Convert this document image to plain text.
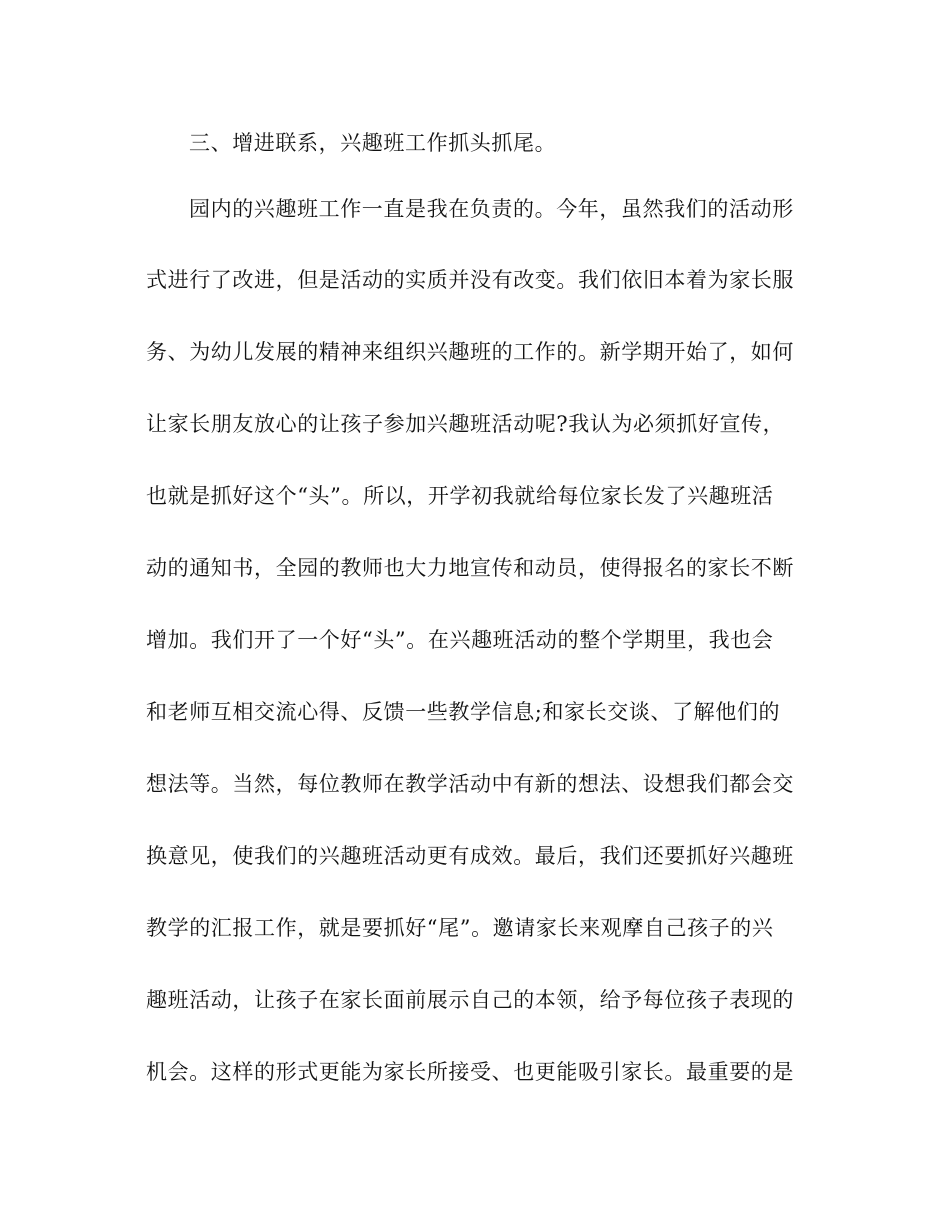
三、增进联系，兴趣班工作抓头抓尾。
园内的兴趣班工作一直是我在负责的。今年，虽然我们的活动形
式进行了改进，但是活动的实质并没有改变。我们依旧本着为家长服
务、为幼儿发展的精神来组织兴趣班的工作的。新学期开始了，如何
让家长朋友放心的让孩子参加兴趣班活动呢?我认为必须抓好宣传，
也就是抓好这个“头”。所以，开学初我就给每位家长发了兴趣班活
动的通知书，全园的教师也大力地宣传和动员，使得报名的家长不断
增加。我们开了一个好“头”。在兴趣班活动的整个学期里，我也会
和老师互相交流心得、反馈一些教学信息;和家长交谈、了解他们的
想法等。当然，每位教师在教学活动中有新的想法、设想我们都会交
换意见，使我们的兴趣班活动更有成效。最后，我们还要抓好兴趣班
教学的汇报工作，就是要抓好“尾”。邀请家长来观摩自己孩子的兴
趣班活动，让孩子在家长面前展示自己的本领，给予每位孩子表现的
机会。这样的形式更能为家长所接受、也更能吸引家长。最重要的是
